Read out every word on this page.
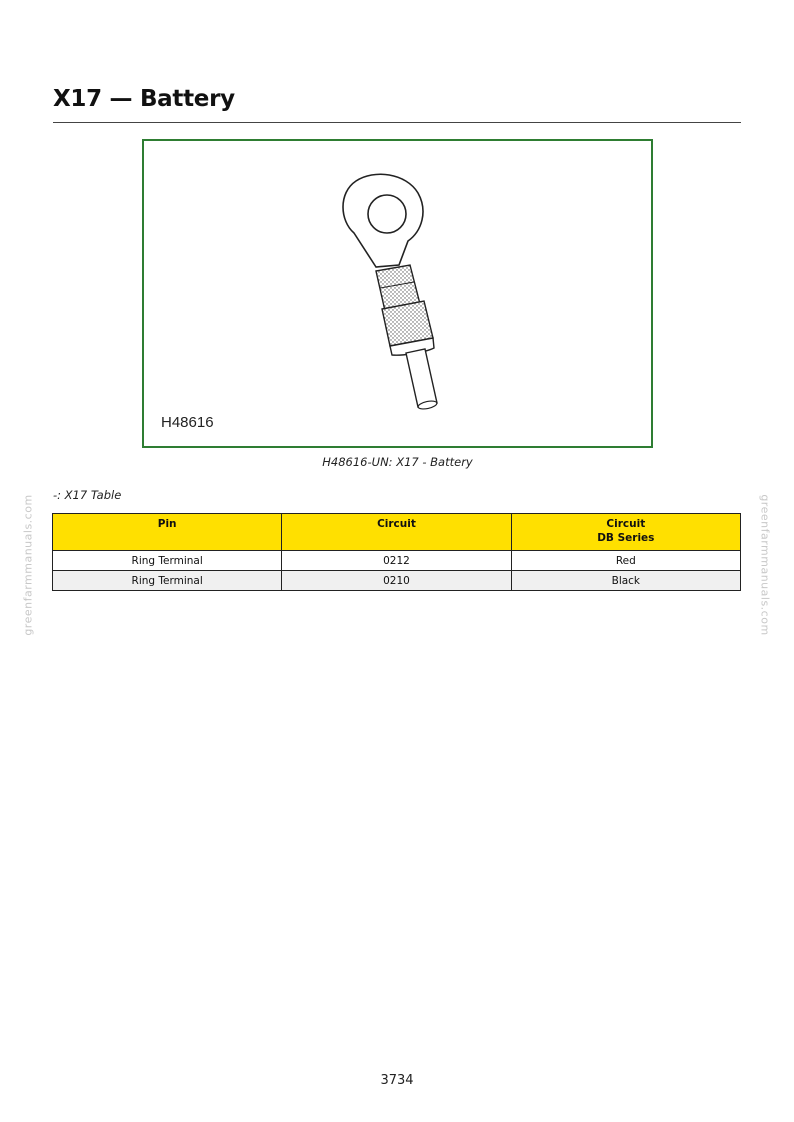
greenfarmmanuals.com	greenfarmmanuals.com
X17 — Battery
H48616
H48616-UN: X17 - Battery
-: X17 Table
Pin	Circuit	Circuit
DB Series

Ring Terminal	0212	Red
Ring Terminal	0210	Black
3734
